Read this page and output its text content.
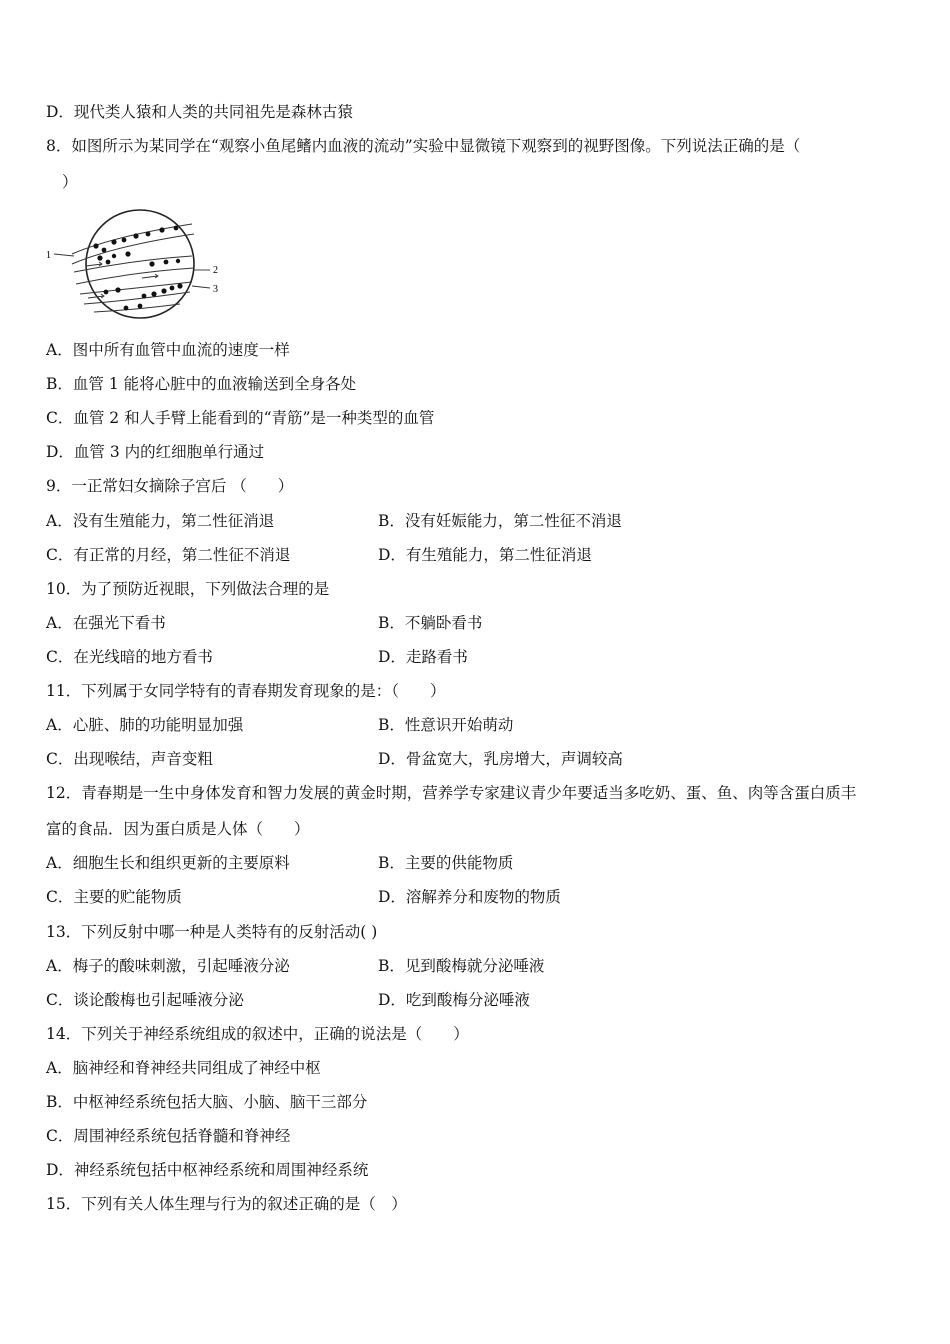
D．现代类人猿和人类的共同祖先是森林古猿
8．如图所示为某同学在“观察小鱼尾鳍内血液的流动”实验中显微镜下观察到的视野图像。下列说法正确的是（
）
1
2
3
A．图中所有血管中血流的速度一样
B．血管 1 能将心脏中的血液输送到全身各处
C．血管 2 和人手臂上能看到的“青筋”是一种类型的血管
D．血管 3 内的红细胞单行通过
9．一正常妇女摘除子宫后 （　　）
A．没有生殖能力，第二性征消退	B．没有妊娠能力，第二性征不消退
C．有正常的月经，第二性征不消退	D．有生殖能力，第二性征消退
10．为了预防近视眼，下列做法合理的是
A．在强光下看书	B．不躺卧看书
C．在光线暗的地方看书	D．走路看书
11．下列属于女同学特有的青春期发育现象的是：（　　）
A．心脏、肺的功能明显加强	B．性意识开始萌动
C．出现喉结，声音变粗	D．骨盆宽大，乳房增大，声调较高
12．青春期是一生中身体发育和智力发展的黄金时期，营养学专家建议青少年要适当多吃奶、蛋、鱼、肉等含蛋白质丰
富的食品．因为蛋白质是人体（　　）
A．细胞生长和组织更新的主要原料	B．主要的供能物质
C．主要的贮能物质	D．溶解养分和废物的物质
13．下列反射中哪一种是人类特有的反射活动( )
A．梅子的酸味刺激，引起唾液分泌	B．见到酸梅就分泌唾液
C．谈论酸梅也引起唾液分泌	D．吃到酸梅分泌唾液
14．下列关于神经系统组成的叙述中，正确的说法是（　　）
A．脑神经和脊神经共同组成了神经中枢
B．中枢神经系统包括大脑、小脑、脑干三部分
C．周围神经系统包括脊髓和脊神经
D．神经系统包括中枢神经系统和周围神经系统
15．下列有关人体生理与行为的叙述正确的是（　）
